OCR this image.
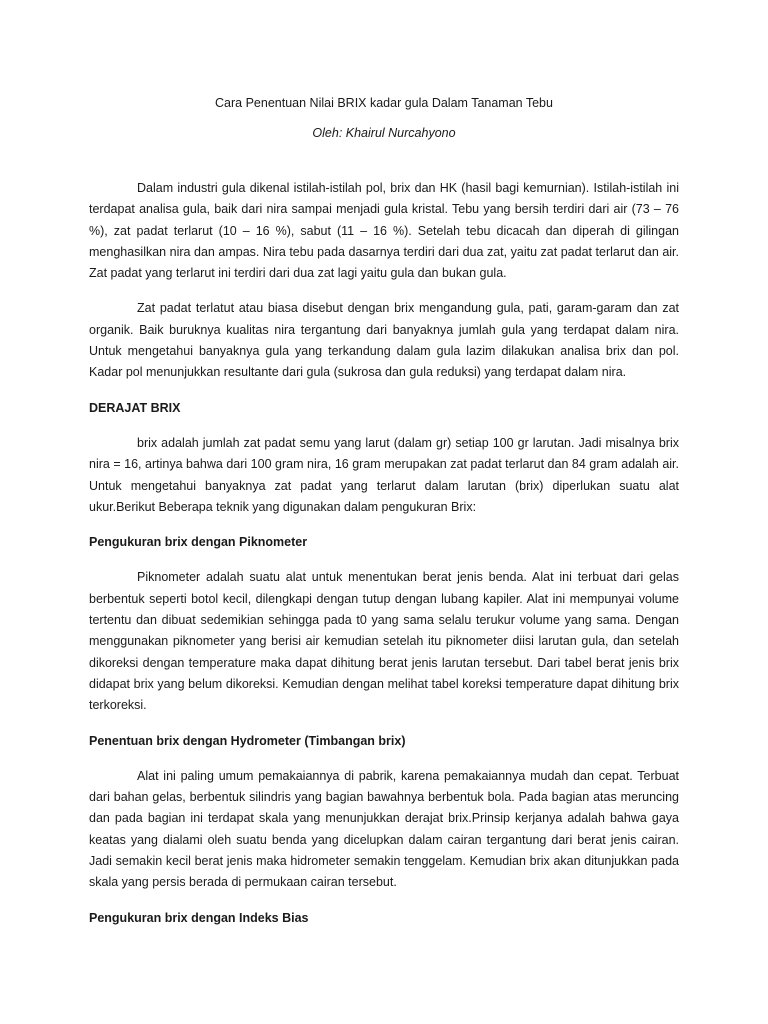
Cara Penentuan Nilai BRIX kadar gula Dalam Tanaman Tebu
Oleh: Khairul Nurcahyono

Dalam industri gula dikenal istilah-istilah pol, brix dan HK (hasil bagi kemurnian). Istilah-istilah ini terdapat analisa gula, baik dari nira sampai menjadi gula kristal. Tebu yang bersih terdiri dari air (73 – 76 %), zat padat terlarut (10 – 16 %), sabut (11 – 16 %). Setelah tebu dicacah dan diperah di gilingan menghasilkan nira dan ampas. Nira tebu pada dasarnya terdiri dari dua zat, yaitu zat padat terlarut dan air. Zat padat yang terlarut ini terdiri dari dua zat lagi yaitu gula dan bukan gula.

Zat padat terlatut atau biasa disebut dengan brix mengandung gula, pati, garam-garam dan zat organik. Baik buruknya kualitas nira tergantung dari banyaknya jumlah gula yang terdapat dalam nira. Untuk mengetahui banyaknya gula yang terkandung dalam gula lazim dilakukan analisa brix dan pol. Kadar pol menunjukkan resultante dari gula (sukrosa dan gula reduksi) yang terdapat dalam nira.

DERAJAT BRIX

brix adalah jumlah zat padat semu yang larut (dalam gr) setiap 100 gr larutan. Jadi misalnya brix nira = 16, artinya bahwa dari 100 gram nira, 16 gram merupakan zat padat terlarut dan 84 gram adalah air. Untuk mengetahui banyaknya zat padat yang terlarut dalam larutan (brix) diperlukan suatu alat ukur.Berikut Beberapa teknik yang digunakan dalam pengukuran Brix:

Pengukuran brix dengan Piknometer

Piknometer adalah suatu alat untuk menentukan berat jenis benda. Alat ini terbuat dari gelas berbentuk seperti botol kecil, dilengkapi dengan tutup dengan lubang kapiler. Alat ini mempunyai volume tertentu dan dibuat sedemikian sehingga pada t0 yang sama selalu terukur volume yang sama. Dengan menggunakan piknometer yang berisi air kemudian setelah itu piknometer diisi larutan gula, dan setelah dikoreksi dengan temperature maka dapat dihitung berat jenis larutan tersebut. Dari tabel berat jenis brix didapat brix yang belum dikoreksi. Kemudian dengan melihat tabel koreksi temperature dapat dihitung brix terkoreksi.

Penentuan brix dengan Hydrometer (Timbangan brix)

Alat ini paling umum pemakaiannya di pabrik, karena pemakaiannya mudah dan cepat. Terbuat dari bahan gelas, berbentuk silindris yang bagian bawahnya berbentuk bola. Pada bagian atas meruncing dan pada bagian ini terdapat skala yang menunjukkan derajat brix.Prinsip kerjanya adalah bahwa gaya keatas yang dialami oleh suatu benda yang dicelupkan dalam cairan tergantung dari berat jenis cairan. Jadi semakin kecil berat jenis maka hidrometer semakin tenggelam. Kemudian brix akan ditunjukkan pada skala yang persis berada di permukaan cairan tersebut.

Pengukuran brix dengan Indeks Bias
